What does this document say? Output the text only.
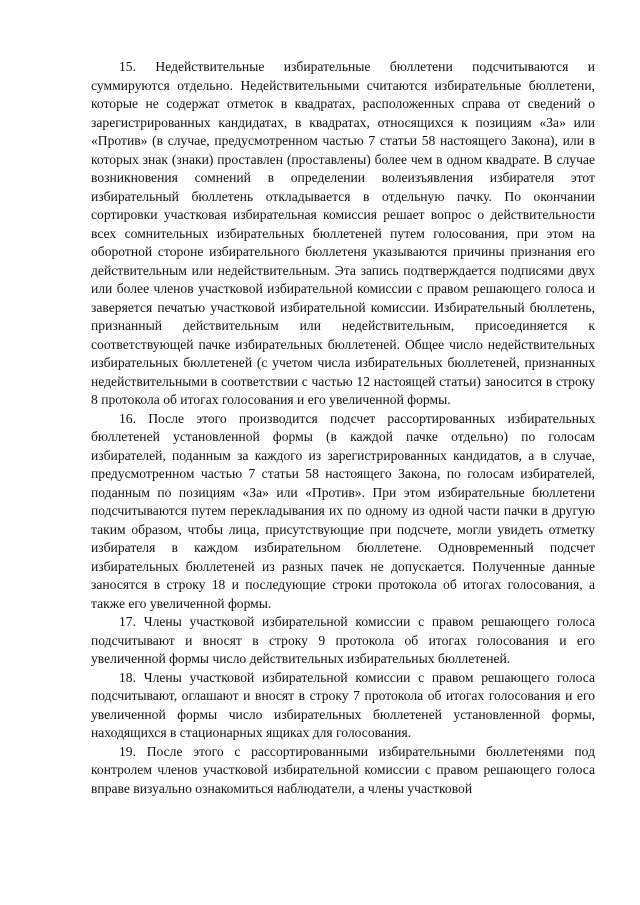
15. Недействительные избирательные бюллетени подсчитываются и суммируются отдельно. Недействительными считаются избирательные бюллетени, которые не содержат отметок в квадратах, расположенных справа от сведений о зарегистрированных кандидатах, в квадратах, относящихся к позициям «За» или «Против» (в случае, предусмотренном частью 7 статьи 58 настоящего Закона), или в которых знак (знаки) проставлен (проставлены) более чем в одном квадрате. В случае возникновения сомнений в определении волеизъявления избирателя этот избирательный бюллетень откладывается в отдельную пачку. По окончании сортировки участковая избирательная комиссия решает вопрос о действительности всех сомнительных избирательных бюллетеней путем голосования, при этом на оборотной стороне избирательного бюллетеня указываются причины признания его действительным или недействительным. Эта запись подтверждается подписями двух или более членов участковой избирательной комиссии с правом решающего голоса и заверяется печатью участковой избирательной комиссии. Избирательный бюллетень, признанный действительным или недействительным, присоединяется к соответствующей пачке избирательных бюллетеней. Общее число недействительных избирательных бюллетеней (с учетом числа избирательных бюллетеней, признанных недействительными в соответствии с частью 12 настоящей статьи) заносится в строку 8 протокола об итогах голосования и его увеличенной формы.

16. После этого производится подсчет рассортированных избирательных бюллетеней установленной формы (в каждой пачке отдельно) по голосам избирателей, поданным за каждого из зарегистрированных кандидатов, а в случае, предусмотренном частью 7 статьи 58 настоящего Закона, по голосам избирателей, поданным по позициям «За» или «Против». При этом избирательные бюллетени подсчитываются путем перекладывания их по одному из одной части пачки в другую таким образом, чтобы лица, присутствующие при подсчете, могли увидеть отметку избирателя в каждом избирательном бюллетене. Одновременный подсчет избирательных бюллетеней из разных пачек не допускается. Полученные данные заносятся в строку 18 и последующие строки протокола об итогах голосования, а также его увеличенной формы.

17. Члены участковой избирательной комиссии с правом решающего голоса подсчитывают и вносят в строку 9 протокола об итогах голосования и его увеличенной формы число действительных избирательных бюллетеней.

18. Члены участковой избирательной комиссии с правом решающего голоса подсчитывают, оглашают и вносят в строку 7 протокола об итогах голосования и его увеличенной формы число избирательных бюллетеней установленной формы, находящихся в стационарных ящиках для голосования.

19. После этого с рассортированными избирательными бюллетенями под контролем членов участковой избирательной комиссии с правом решающего голоса вправе визуально ознакомиться наблюдатели, а члены участковой
